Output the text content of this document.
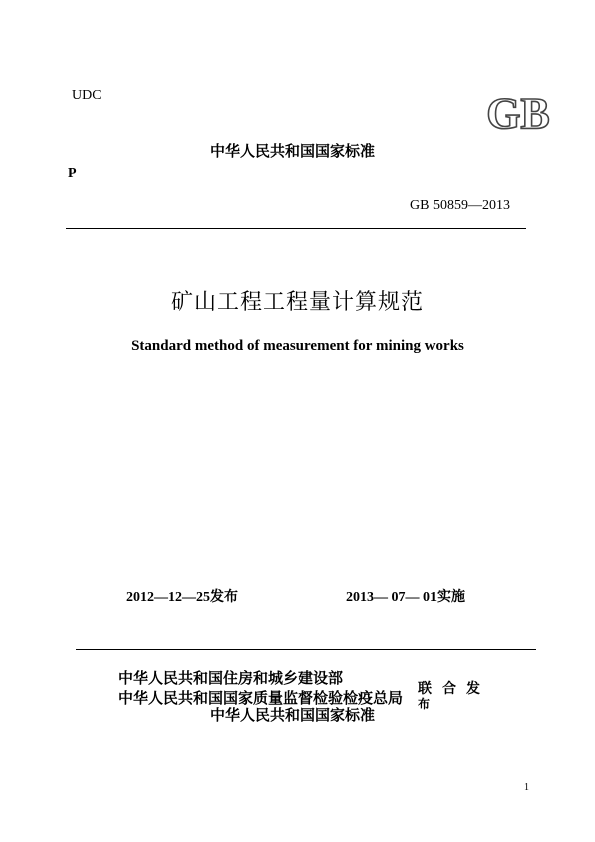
UDC	GB
中华人民共和国国家标准
P
GB 50859—2013
矿山工程工程量计算规范
Standard method of measurement for mining works
2012—12—25发布	2013— 07— 01实施
中华人民共和国住房和城乡建设部
中华人民共和国国家质量监督检验检疫总局
中华人民共和国国家标准
联合发
布
1
